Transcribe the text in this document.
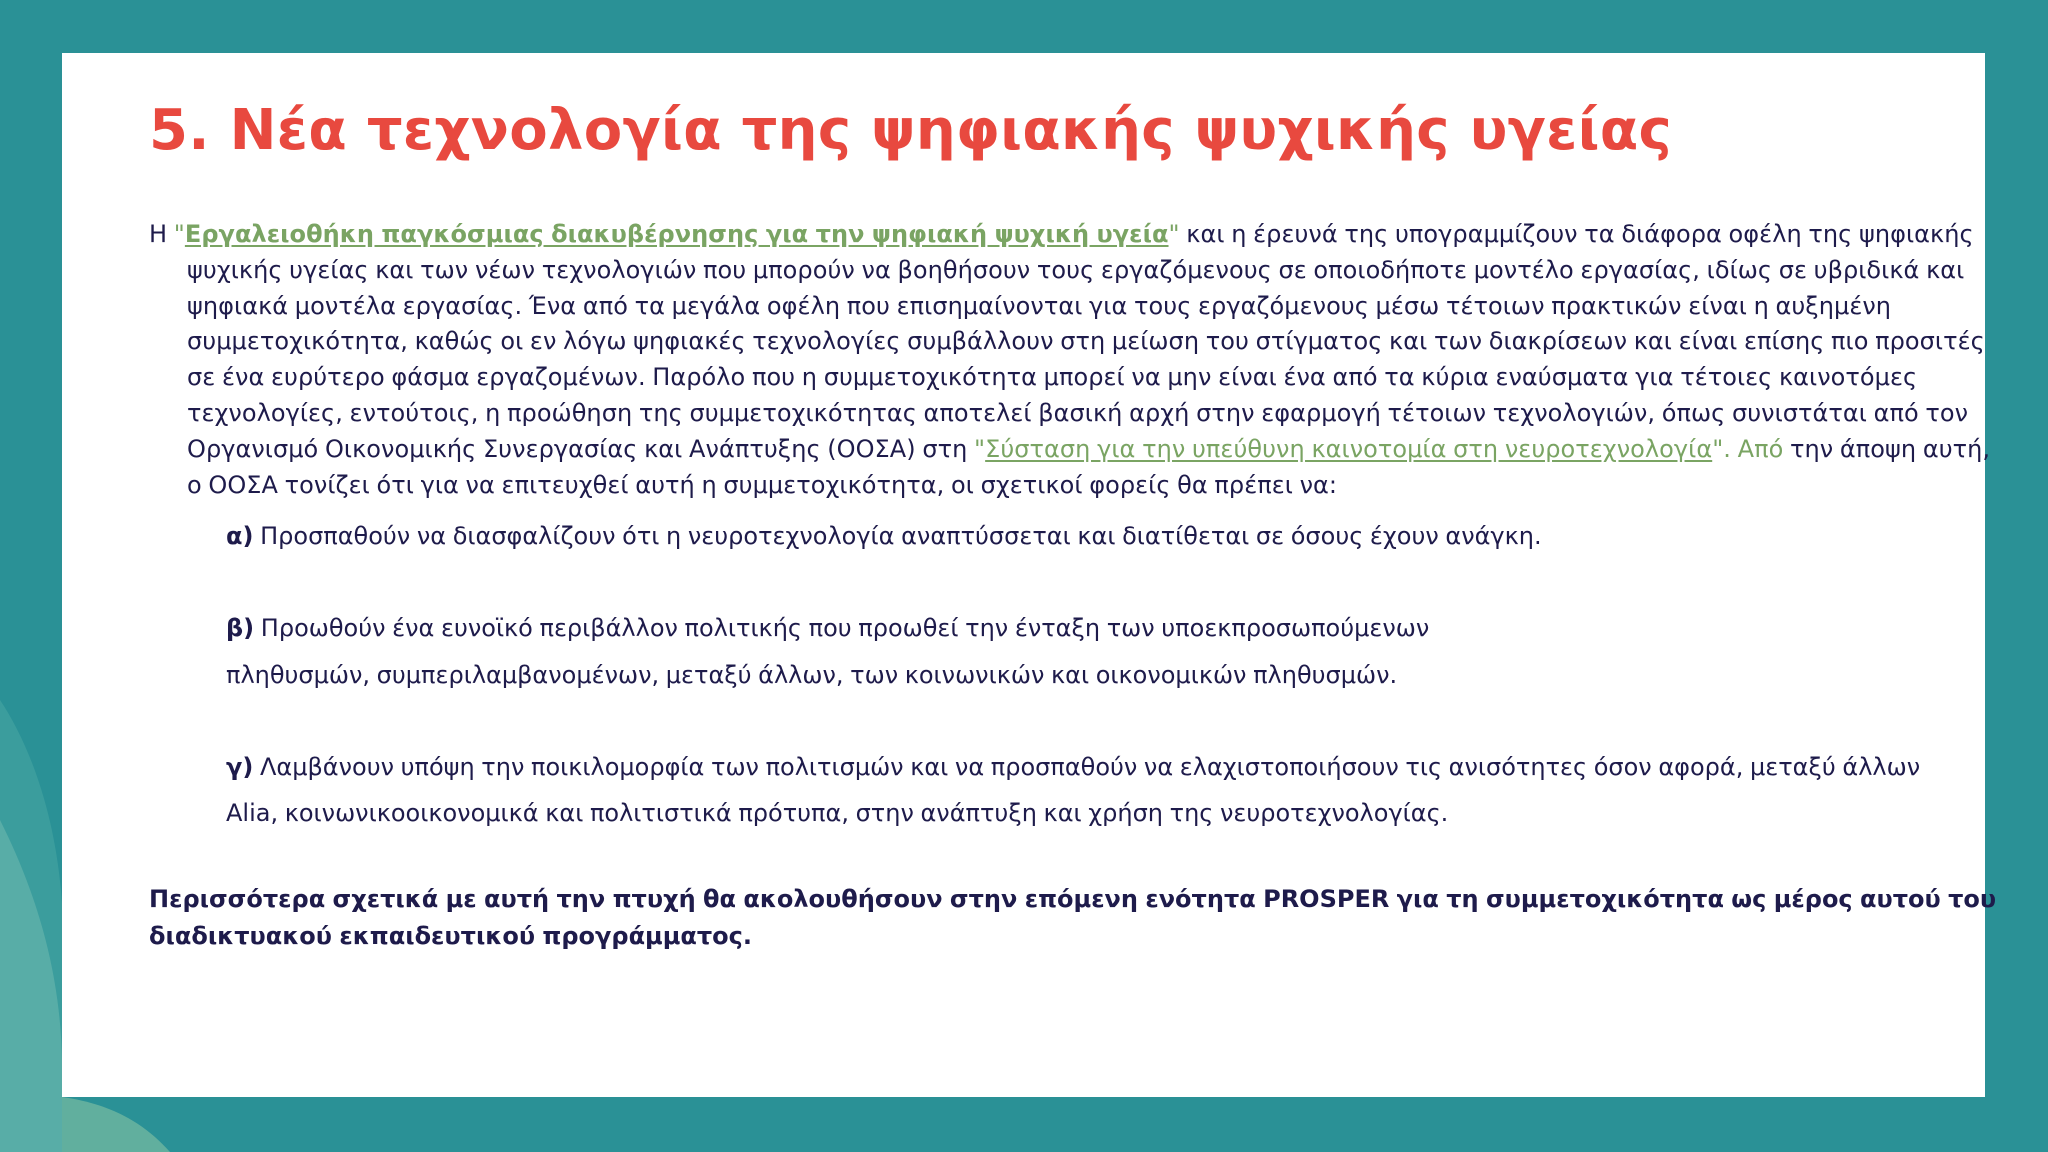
5. Νέα τεχνολογία της ψηφιακής ψυχικής υγείας

Η "Εργαλειοθήκη παγκόσμιας διακυβέρνησης για την ψηφιακή ψυχική υγεία" και η έρευνά της υπογραμμίζουν τα διάφορα οφέλη της ψηφιακής ψυχικής υγείας και των νέων τεχνολογιών που μπορούν να βοηθήσουν τους εργαζόμενους σε οποιοδήποτε μοντέλο εργασίας, ιδίως σε υβριδικά και ψηφιακά μοντέλα εργασίας. Ένα από τα μεγάλα οφέλη που επισημαίνονται για τους εργαζόμενους μέσω τέτοιων πρακτικών είναι η αυξημένη συμμετοχικότητα, καθώς οι εν λόγω ψηφιακές τεχνολογίες συμβάλλουν στη μείωση του στίγματος και των διακρίσεων και είναι επίσης πιο προσιτές σε ένα ευρύτερο φάσμα εργαζομένων. Παρόλο που η συμμετοχικότητα μπορεί να μην είναι ένα από τα κύρια εναύσματα για τέτοιες καινοτόμες τεχνολογίες, εντούτοις, η προώθηση της συμμετοχικότητας αποτελεί βασική αρχή στην εφαρμογή τέτοιων τεχνολογιών, όπως συνιστάται από τον Οργανισμό Οικονομικής Συνεργασίας και Ανάπτυξης (ΟΟΣΑ) στη "Σύσταση για την υπεύθυνη καινοτομία στη νευροτεχνολογία". Από την άποψη αυτή, ο ΟΟΣΑ τονίζει ότι για να επιτευχθεί αυτή η συμμετοχικότητα, οι σχετικοί φορείς θα πρέπει να:

α) Προσπαθούν να διασφαλίζουν ότι η νευροτεχνολογία αναπτύσσεται και διατίθεται σε όσους έχουν ανάγκη.

β) Προωθούν ένα ευνοϊκό περιβάλλον πολιτικής που προωθεί την ένταξη των υποεκπροσωπούμενων

πληθυσμών, συμπεριλαμβανομένων, μεταξύ άλλων, των κοινωνικών και οικονομικών πληθυσμών.

γ) Λαμβάνουν υπόψη την ποικιλομορφία των πολιτισμών και να προσπαθούν να ελαχιστοποιήσουν τις ανισότητες όσον αφορά, μεταξύ άλλων

Alia, κοινωνικοοικονομικά και πολιτιστικά πρότυπα, στην ανάπτυξη και χρήση της νευροτεχνολογίας.

Περισσότερα σχετικά με αυτή την πτυχή θα ακολουθήσουν στην επόμενη ενότητα PROSPER για τη συμμετοχικότητα ως μέρος αυτού του διαδικτυακού εκπαιδευτικού προγράμματος.
